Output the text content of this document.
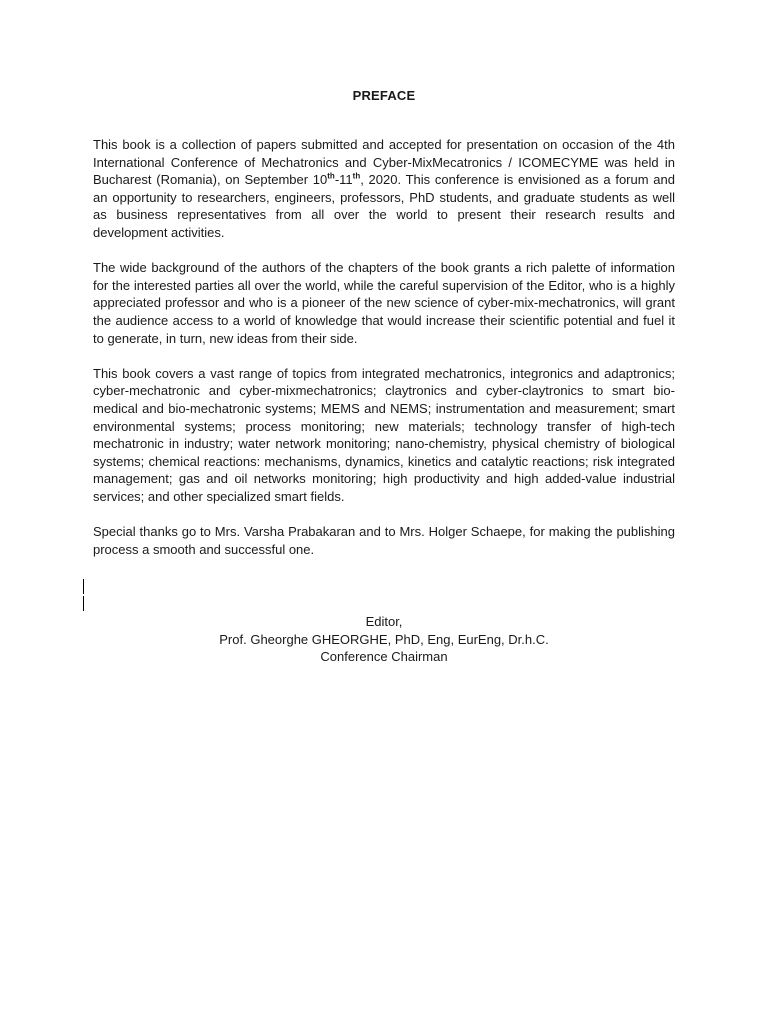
PREFACE

This book is a collection of papers submitted and accepted for presentation on occasion of the 4th International Conference of Mechatronics and Cyber-MixMecatronics / ICOMECYME was held in Bucharest (Romania), on September 10th-11th, 2020. This conference is envisioned as a forum and an opportunity to researchers, engineers, professors, PhD students, and graduate students as well as business representatives from all over the world to present their research results and development activities.

The wide background of the authors of the chapters of the book grants a rich palette of information for the interested parties all over the world, while the careful supervision of the Editor, who is a highly appreciated professor and who is a pioneer of the new science of cyber-mix-mechatronics, will grant the audience access to a world of knowledge that would increase their scientific potential and fuel it to generate, in turn, new ideas from their side.

This book covers a vast range of topics from integrated mechatronics, integronics and adaptronics; cyber-mechatronic and cyber-mixmechatronics; claytronics and cyber-claytronics to smart bio-medical and bio-mechatronic systems; MEMS and NEMS; instrumentation and measurement; smart environmental systems; process monitoring; new materials; technology transfer of high-tech mechatronic in industry; water network monitoring; nano-chemistry, physical chemistry of biological systems; chemical reactions: mechanisms, dynamics, kinetics and catalytic reactions; risk integrated management; gas and oil networks monitoring; high productivity and high added-value industrial services; and other specialized smart fields.

Special thanks go to Mrs. Varsha Prabakaran and to Mrs. Holger Schaepe, for making the publishing process a smooth and successful one.

Editor,
Prof. Gheorghe GHEORGHE, PhD, Eng, EurEng, Dr.h.C.
Conference Chairman
